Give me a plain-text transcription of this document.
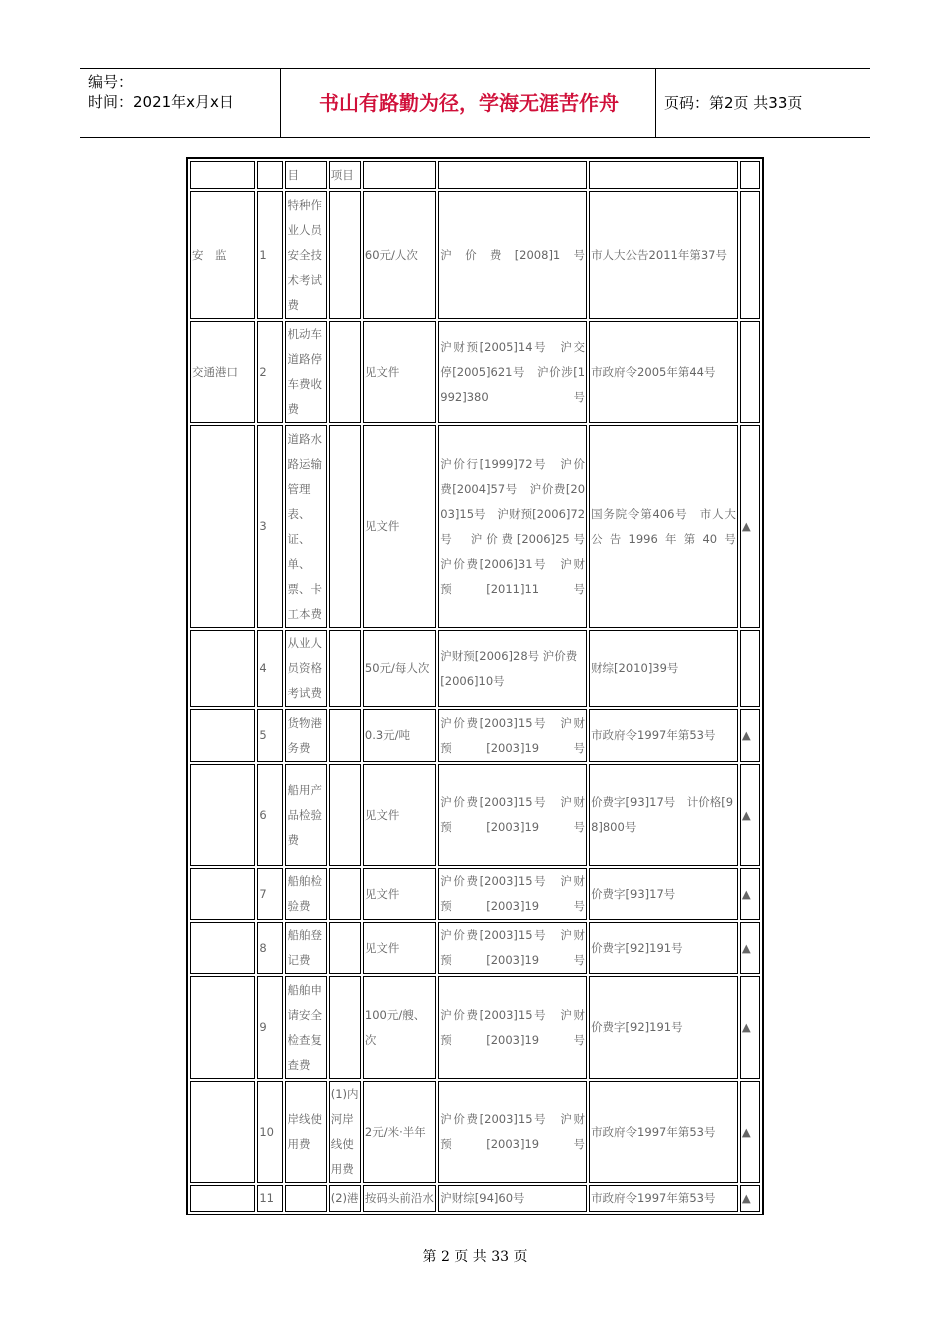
编号：
时间：2021年x月x日	书山有路勤为径，学海无涯苦作舟	页码：第2页 共33页
		目	项目				
安　监	1	特种作业人员安全技术考试费		60元/人次	沪价费[2008]1号	市人大公告2011年第37号	
交通港口	2	机动车道路停车费收费		见文件	沪财预[2005]14号　沪交停[2005]621号　沪价涉[1992]380号	市政府令2005年第44号	
	3	道路水路运输管理表、证、单、票、卡工本费		见文件	沪价行[1999]72号　沪价费[2004]57号　沪价费[2003]15号　沪财预[2006]72号　沪价费[2006]25号　沪价费[2006]31号　沪财预[2011]11号	国务院令第406号　市人大公告1996年第40号	▲
	4	从业人员资格考试费		50元/每人次	沪财预[2006]28号 沪价费[2006]10号	财综[2010]39号	
	5	货物港务费		0.3元/吨	沪价费[2003]15号　沪财预[2003]19号	市政府令1997年第53号	▲
	6	船用产品检验费		见文件	沪价费[2003]15号　沪财预[2003]19号	价费字[93]17号　计价格[98]800号	▲
	7	船舶检验费		见文件	沪价费[2003]15号　沪财预[2003]19号	价费字[93]17号	▲
	8	船舶登记费		见文件	沪价费[2003]15号　沪财预[2003]19号	价费字[92]191号	▲
	9	船舶申请安全检查复查费		100元/艘、次	沪价费[2003]15号　沪财预[2003]19号	价费字[92]191号	▲
	10	岸线使用费	(1)内河岸线使用费	2元/米·半年	沪价费[2003]15号　沪财预[2003]19号	市政府令1997年第53号	▲
	11		(2)港	按码头前沿水	沪财综[94]60号	市政府令1997年第53号	▲
第 2 页 共 33 页
